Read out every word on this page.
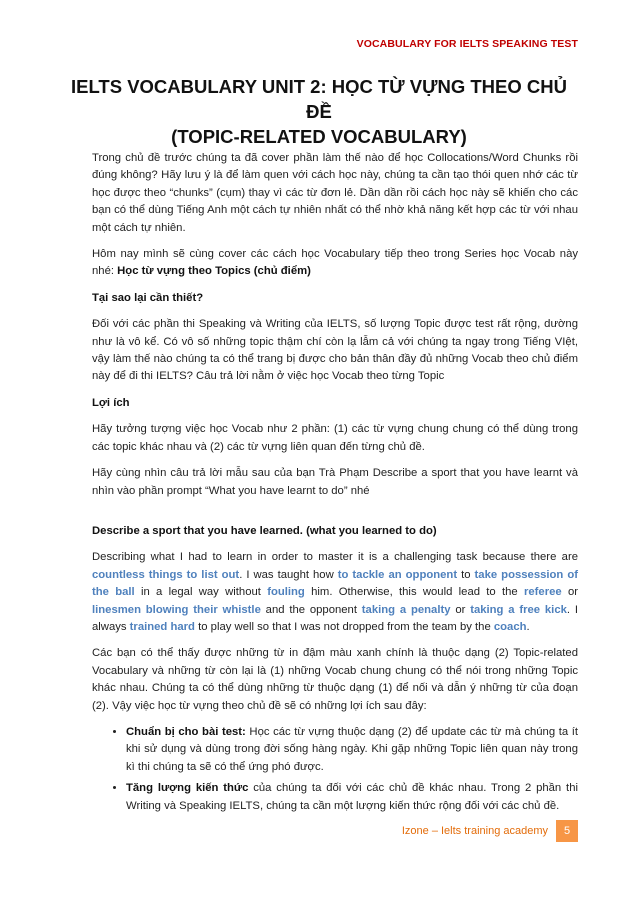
VOCABULARY FOR IELTS SPEAKING TEST
IELTS VOCABULARY UNIT 2: HỌC TỪ VỰNG THEO CHỦ ĐỀ
(TOPIC-RELATED VOCABULARY)

Trong chủ đề trước chúng ta đã cover phần làm thế nào để học Collocations/Word Chunks rồi đúng không? Hãy lưu ý là để làm quen với cách học này, chúng ta cần tạo thói quen nhớ các từ học được theo “chunks” (cụm) thay vì các từ đơn lẻ. Dần dần rồi cách học này sẽ khiến cho các bạn có thể dùng Tiếng Anh một cách tự nhiên nhất có thể nhờ khả năng kết hợp các từ với nhau một cách tự nhiên.

Hôm nay mình sẽ cùng cover các cách học Vocabulary tiếp theo trong Series học Vocab này nhé: Học từ vựng theo Topics (chủ điểm)

Tại sao lại cần thiết?

Đối với các phần thi Speaking và Writing của IELTS, số lượng Topic được test rất rộng, dường như là vô kể. Có vô số những topic thậm chí còn lạ lẫm cả với chúng ta ngay trong Tiếng VIệt, vậy làm thế nào chúng ta có thể trang bị được cho bản thân đầy đủ những Vocab theo chủ điểm này để đi thi IELTS? Câu trả lời nằm ở việc học Vocab theo từng Topic

Lợi ích

Hãy tưởng tượng việc học Vocab như 2 phần: (1) các từ vựng chung chung có thể dùng trong các topic khác nhau và (2) các từ vựng liên quan đến từng chủ đề.

Hãy cùng nhìn câu trả lời mẫu sau của bạn Trà Phạm Describe a sport that you have learnt và nhìn vào phần prompt “What you have learnt to do” nhé

Describe a sport that you have learned. (what you learned to do)

Describing what I had to learn in order to master it is a challenging task because there are countless things to list out. I was taught how to tackle an opponent to take possession of the ball in a legal way without fouling him. Otherwise, this would lead to the referee or linesmen blowing their whistle and the opponent taking a penalty or taking a free kick. I always trained hard to play well so that I was not dropped from the team by the coach.

Các bạn có thể thấy được những từ in đậm màu xanh chính là thuộc dạng (2) Topic-related Vocabulary và những từ còn lại là (1) những Vocab chung chung có thể nói trong những Topic khác nhau. Chúng ta có thể dùng những từ thuộc dạng (1) để nối và dẫn ý những từ của đoạn (2). Vậy việc học từ vựng theo chủ đề sẽ có những lợi ích sau đây:

• Chuẩn bị cho bài test: Học các từ vựng thuộc dạng (2) để update các từ mà chúng ta ít khi sử dụng và dùng trong đời sống hàng ngày. Khi gặp những Topic liên quan này trong kì thi chúng ta sẽ có thể ứng phó được.
• Tăng lượng kiến thức của chúng ta đối với các chủ đề khác nhau. Trong 2 phần thi Writing và Speaking IELTS, chúng ta cần một lượng kiến thức rộng đối với các chủ đề.
Izone – Ielts training academy	5
